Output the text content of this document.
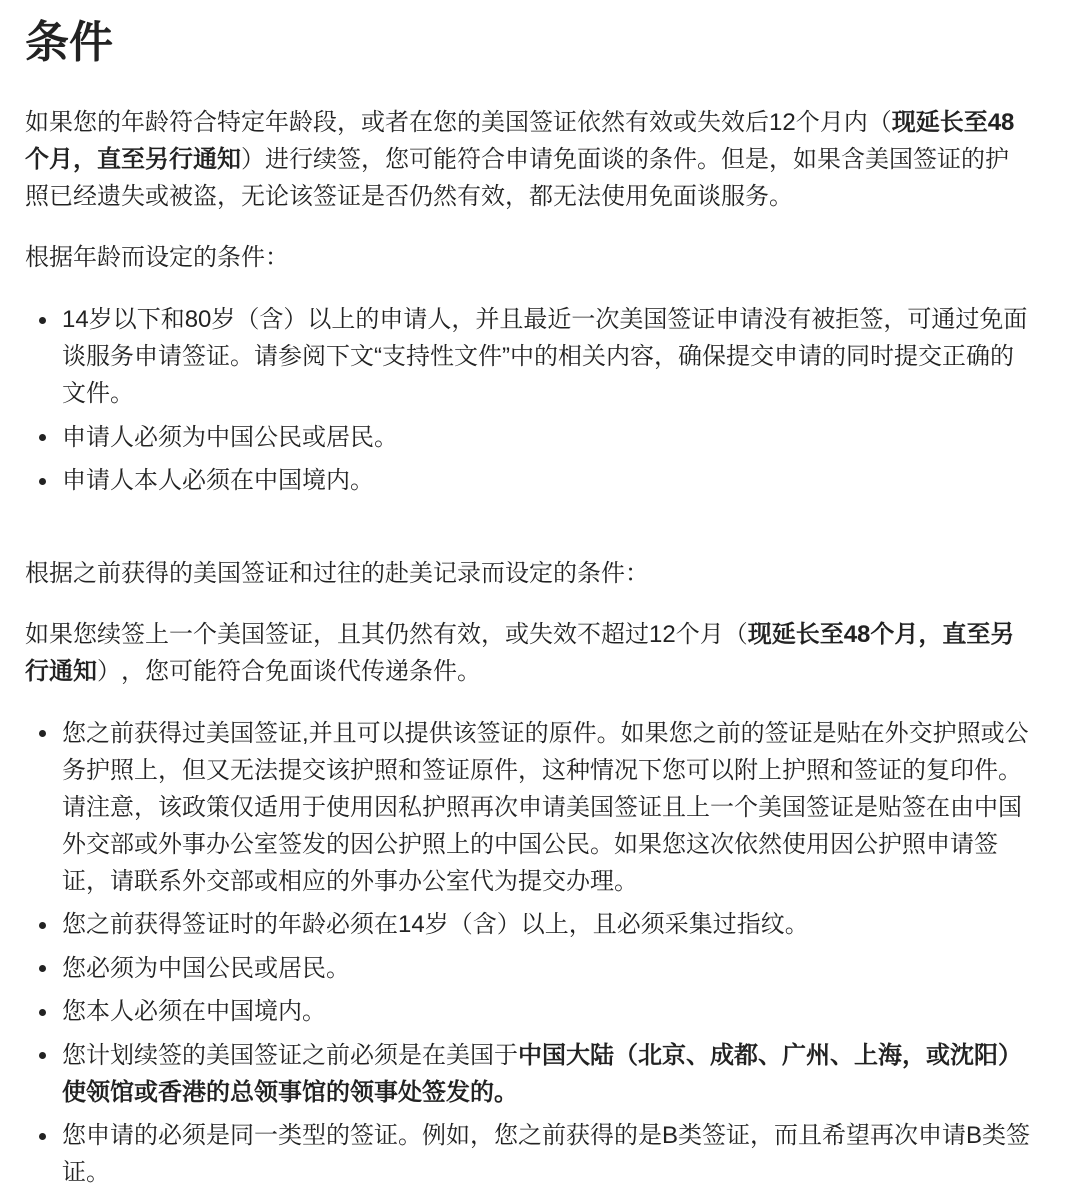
条件

如果您的年龄符合特定年龄段，或者在您的美国签证依然有效或失效后12个月内（现延长至48个月，直至另行通知）进行续签，您可能符合申请免面谈的条件。但是，如果含美国签证的护照已经遗失或被盗，无论该签证是否仍然有效，都无法使用免面谈服务。

根据年龄而设定的条件：

14岁以下和80岁（含）以上的申请人，并且最近一次美国签证申请没有被拒签，可通过免面谈服务申请签证。请参阅下文“支持性文件”中的相关内容，确保提交申请的同时提交正确的文件。
申请人必须为中国公民或居民。
申请人本人必须在中国境内。

根据之前获得的美国签证和过往的赴美记录而设定的条件：

如果您续签上一个美国签证，且其仍然有效，或失效不超过12个月（现延长至48个月，直至另行通知），您可能符合免面谈代传递条件。

您之前获得过美国签证,并且可以提供该签证的原件。如果您之前的签证是贴在外交护照或公务护照上，但又无法提交该护照和签证原件，这种情况下您可以附上护照和签证的复印件。请注意，该政策仅适用于使用因私护照再次申请美国签证且上一个美国签证是贴签在由中国外交部或外事办公室签发的因公护照上的中国公民。如果您这次依然使用因公护照申请签证，请联系外交部或相应的外事办公室代为提交办理。
您之前获得签证时的年龄必须在14岁（含）以上，且必须采集过指纹。
您必须为中国公民或居民。
您本人必须在中国境内。
您计划续签的美国签证之前必须是在美国于中国大陆（北京、成都、广州、上海，或沈阳）使领馆或香港的总领事馆的领事处签发的。
您申请的必须是同一类型的签证。例如，您之前获得的是B类签证，而且希望再次申请B类签证。
